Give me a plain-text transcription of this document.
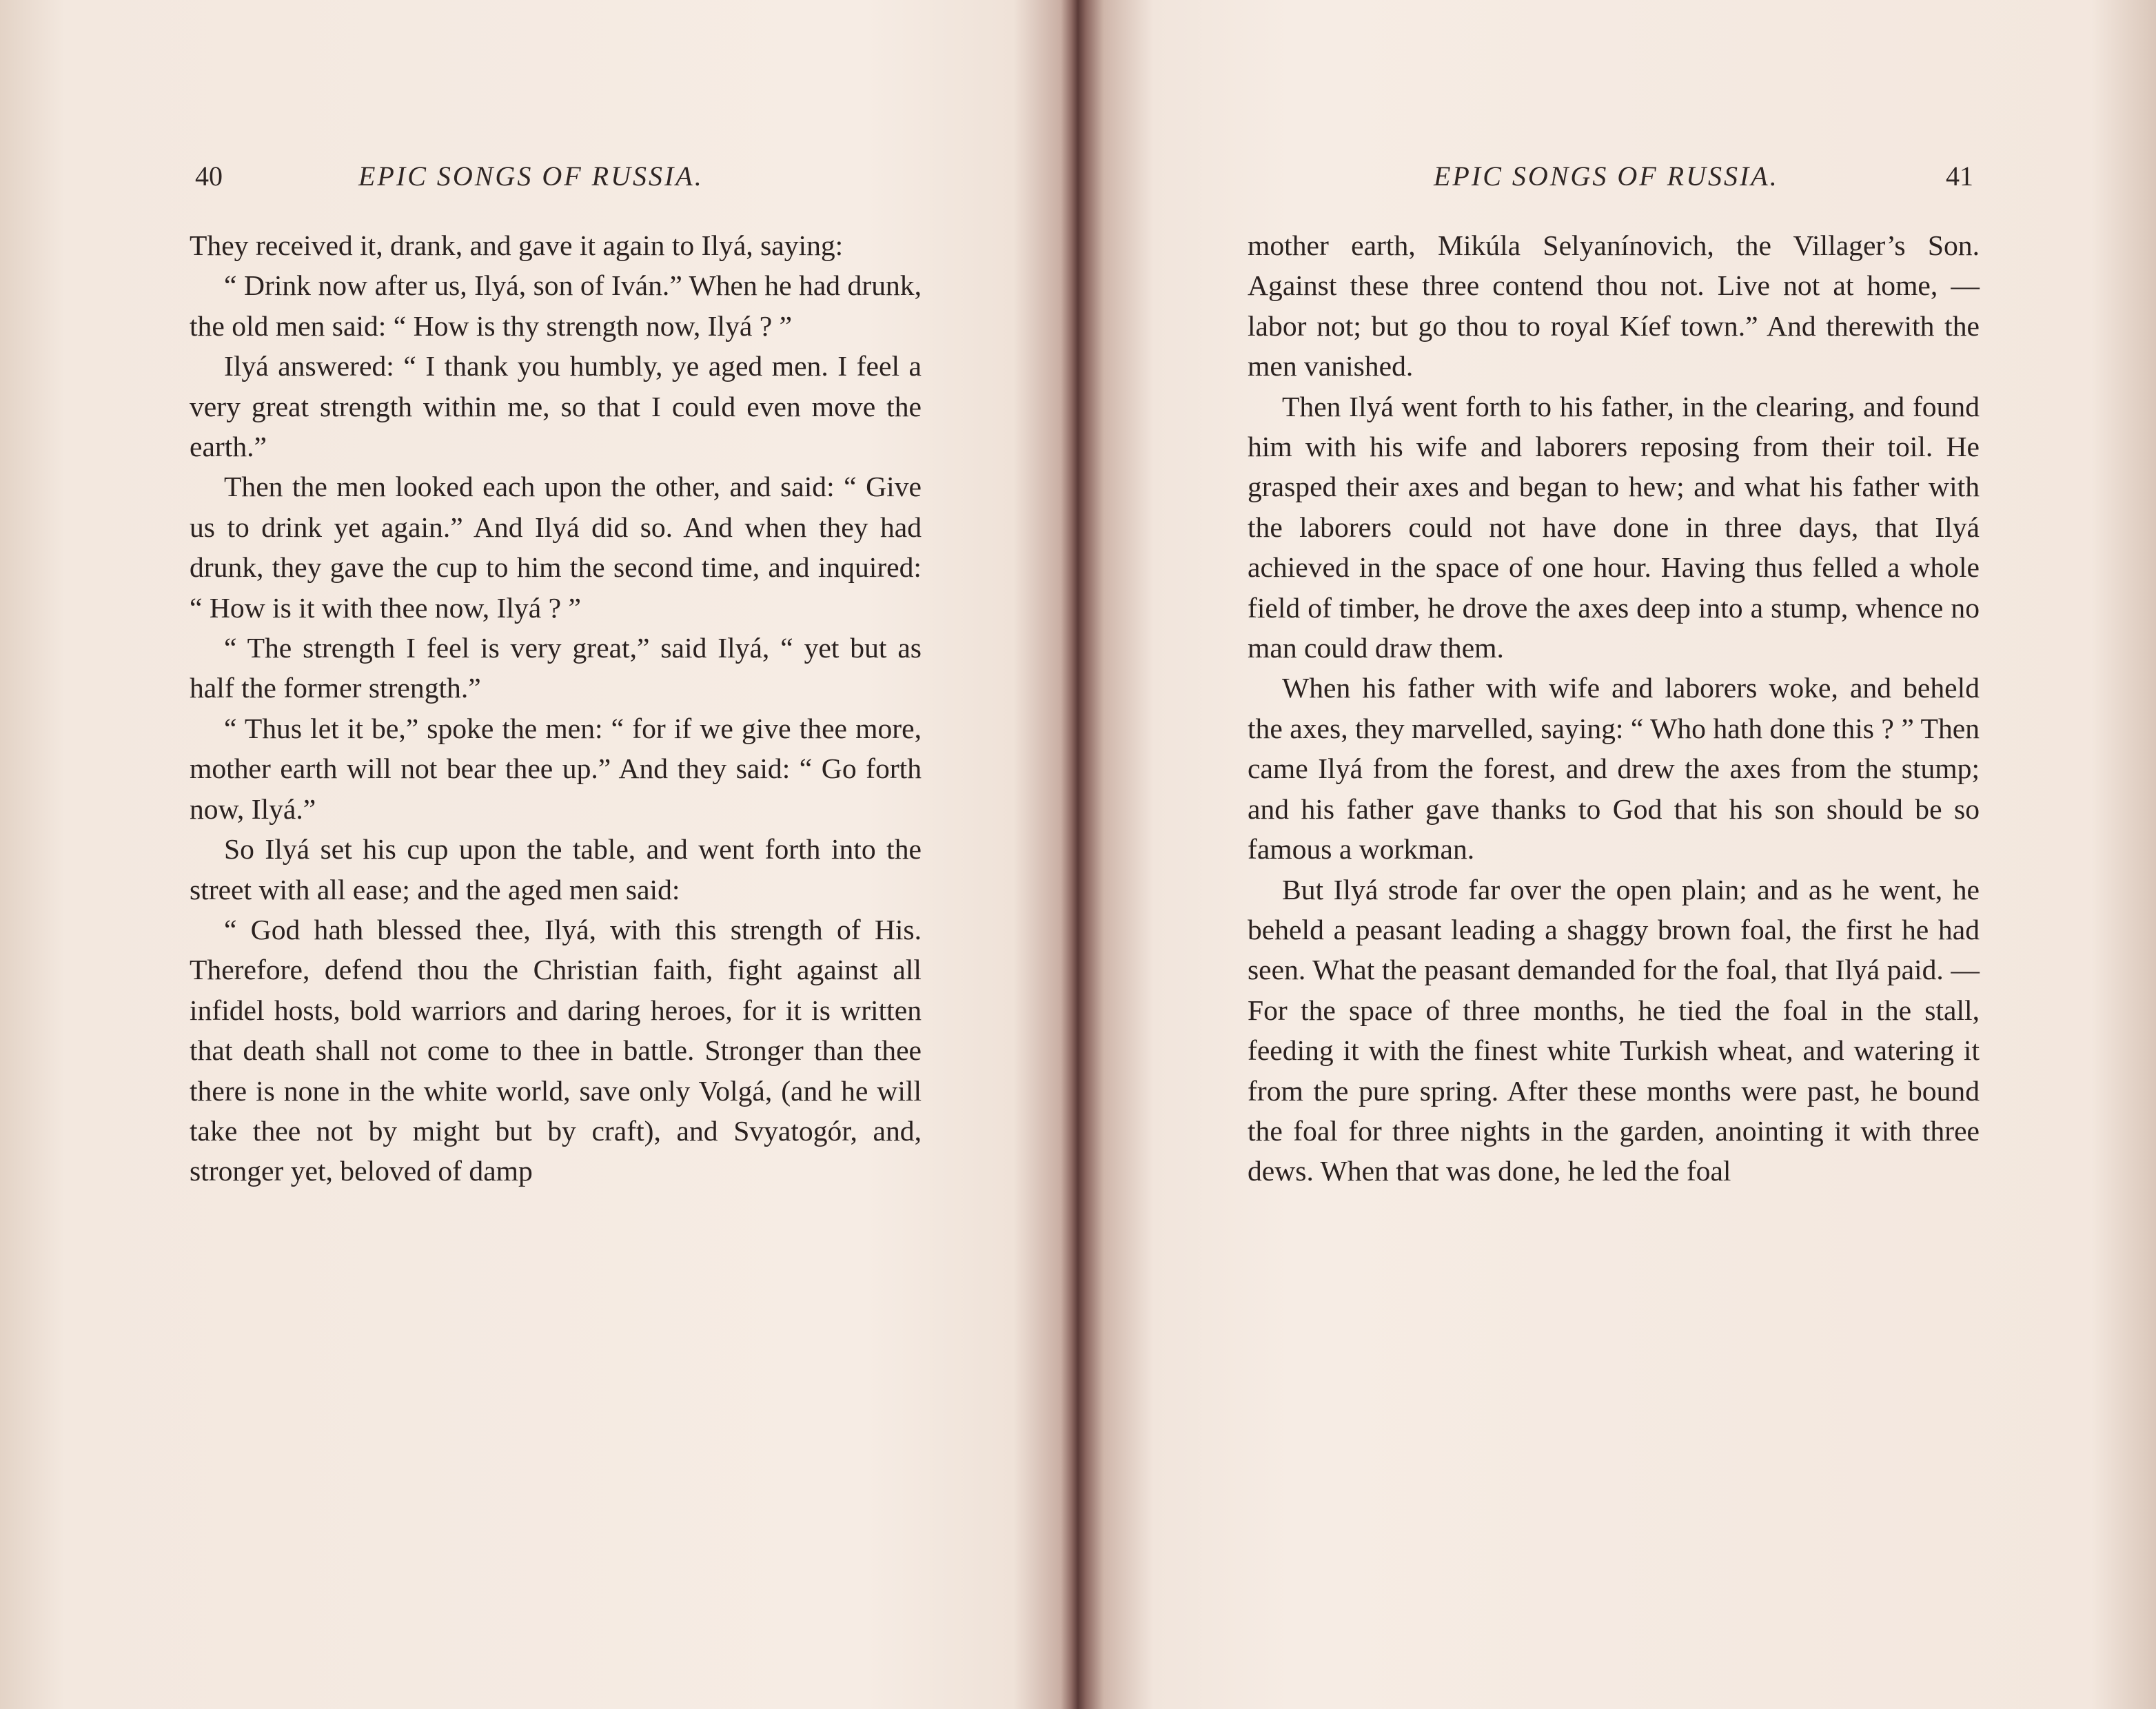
40	EPIC SONGS OF RUSSIA.

They received it, drank, and gave it again to Ilyá, saying:

“ Drink now after us, Ilyá, son of Iván.” When he had drunk, the old men said: “ How is thy strength now, Ilyá ? ”

Ilyá answered: “ I thank you humbly, ye aged men. I feel a very great strength within me, so that I could even move the earth.”

Then the men looked each upon the other, and said: “ Give us to drink yet again.” And Ilyá did so. And when they had drunk, they gave the cup to him the second time, and inquired: “ How is it with thee now, Ilyá ? ”

“ The strength I feel is very great,” said Ilyá, “ yet but as half the former strength.”

“ Thus let it be,” spoke the men: “ for if we give thee more, mother earth will not bear thee up.” And they said: “ Go forth now, Ilyá.”

So Ilyá set his cup upon the table, and went forth into the street with all ease; and the aged men said:

“ God hath blessed thee, Ilyá, with this strength of His. Therefore, defend thou the Christian faith, fight against all infidel hosts, bold warriors and daring heroes, for it is written that death shall not come to thee in battle. Stronger than thee there is none in the white world, save only Volgá, (and he will take thee not by might but by craft), and Svyatogór, and, stronger yet, beloved of damp

EPIC SONGS OF RUSSIA.	41

mother earth, Mikúla Selyanínovich, the Villager’s Son. Against these three contend thou not. Live not at home, — labor not; but go thou to royal Kíef town.” And therewith the men vanished.

Then Ilyá went forth to his father, in the clearing, and found him with his wife and laborers reposing from their toil. He grasped their axes and began to hew; and what his father with the laborers could not have done in three days, that Ilyá achieved in the space of one hour. Having thus felled a whole field of timber, he drove the axes deep into a stump, whence no man could draw them.

When his father with wife and laborers woke, and beheld the axes, they marvelled, saying: “ Who hath done this ? ” Then came Ilyá from the forest, and drew the axes from the stump; and his father gave thanks to God that his son should be so famous a workman.

But Ilyá strode far over the open plain; and as he went, he beheld a peasant leading a shaggy brown foal, the first he had seen. What the peasant demanded for the foal, that Ilyá paid. — For the space of three months, he tied the foal in the stall, feeding it with the finest white Turkish wheat, and watering it from the pure spring. After these months were past, he bound the foal for three nights in the garden, anointing it with three dews. When that was done, he led the foal
